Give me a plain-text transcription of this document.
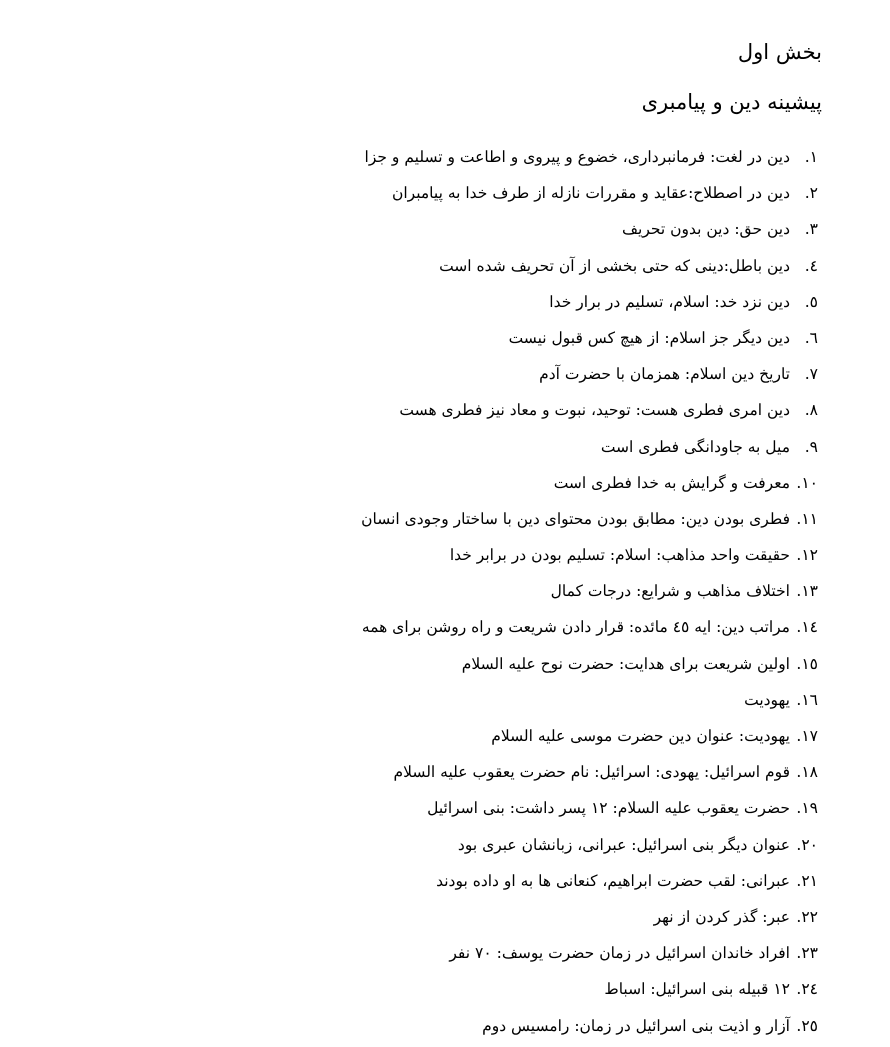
بخش اول
پیشینه دین و پیامبری
١.
دین در لغت: فرمانبرداری، خضوع و پیروی و اطاعت و تسلیم و جزا
٢.
دین در اصطلاح:عقاید و مقررات نازله از طرف خدا به پیامبران
٣.
دین حق: دین بدون تحریف
٤.
دین باطل:دینی که حتی بخشی از آن تحریف شده است
٥.
دین نزد خد: اسلام، تسلیم در برار خدا
٦.
دین دیگر جز اسلام: از هیچ کس قبول نیست
٧.
تاریخ دین اسلام: همزمان با حضرت آدم
٨.
دین امری فطری هست: توحید، نبوت و معاد نیز فطری هست
٩.
میل به جاودانگی فطری است
١٠.
معرفت و گرایش به خدا فطری است
١١.
فطری بودن دین: مطابق بودن محتوای دین با ساختار وجودی انسان
١٢.
حقیقت واحد مذاهب: اسلام: تسلیم بودن در برابر خدا
١٣.
اختلاف مذاهب و شرایع: درجات کمال
١٤.
مراتب دین: ایه ٤٥ مائده: قرار دادن شریعت و راه روشن برای همه
١٥.
اولین شریعت برای هدایت: حضرت نوح علیه السلام
١٦.
یهودیت
١٧.
یهودیت: عنوان دین حضرت موسی علیه السلام
١٨.
قوم اسرائیل: یهودی: اسرائیل: نام حضرت یعقوب علیه السلام
١٩.
حضرت یعقوب علیه السلام: ١٢ پسر داشت: بنی اسرائیل
٢٠.
عنوان دیگر بنی اسرائیل: عبرانی، زبانشان عبری بود
٢١.
عبرانی: لقب حضرت ابراهیم، کنعانی ها به او داده بودند
٢٢.
عبر: گذر کردن از نهر
٢٣.
افراد خاندان اسرائیل در زمان حضرت یوسف: ٧٠ نفر
٢٤.
١٢ قبیله بنی اسرائیل: اسباط
٢٥.
آزار و اذیت بنی اسرائیل در زمان: رامسیس دوم
